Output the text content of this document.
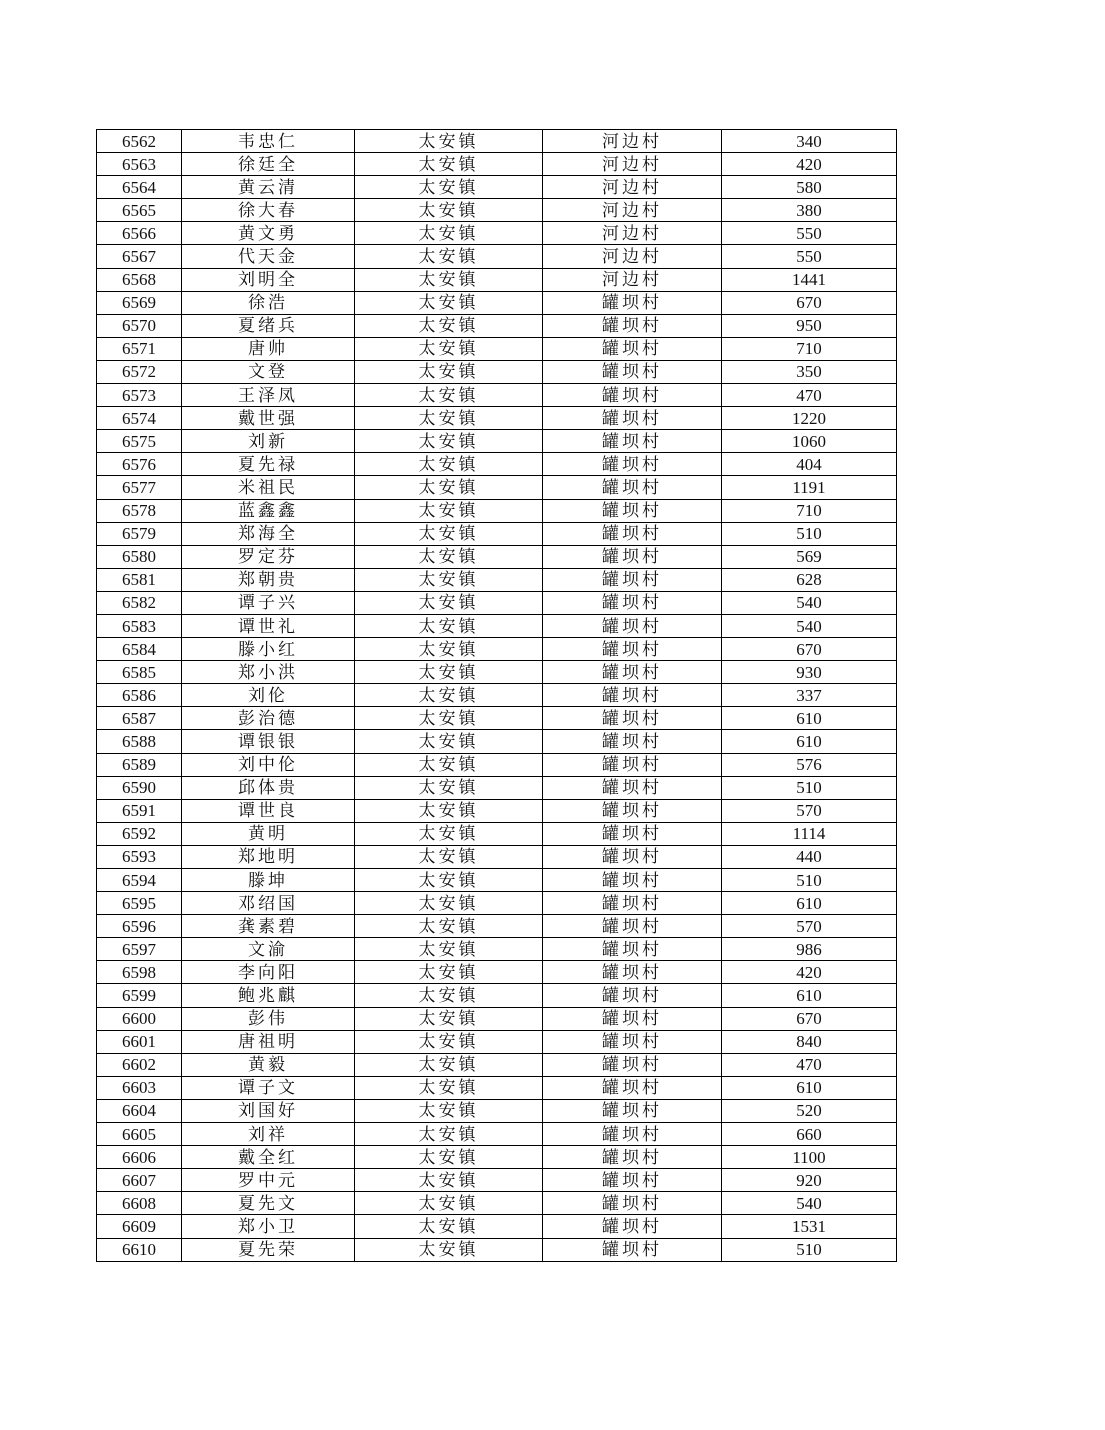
6562	韦忠仁	太安镇	河边村	340
6563	徐廷全	太安镇	河边村	420
6564	黄云清	太安镇	河边村	580
6565	徐大春	太安镇	河边村	380
6566	黄文勇	太安镇	河边村	550
6567	代天金	太安镇	河边村	550
6568	刘明全	太安镇	河边村	1441
6569	徐浩	太安镇	罐坝村	670
6570	夏绪兵	太安镇	罐坝村	950
6571	唐帅	太安镇	罐坝村	710
6572	文登	太安镇	罐坝村	350
6573	王泽凤	太安镇	罐坝村	470
6574	戴世强	太安镇	罐坝村	1220
6575	刘新	太安镇	罐坝村	1060
6576	夏先禄	太安镇	罐坝村	404
6577	米祖民	太安镇	罐坝村	1191
6578	蓝鑫鑫	太安镇	罐坝村	710
6579	郑海全	太安镇	罐坝村	510
6580	罗定芬	太安镇	罐坝村	569
6581	郑朝贵	太安镇	罐坝村	628
6582	谭子兴	太安镇	罐坝村	540
6583	谭世礼	太安镇	罐坝村	540
6584	滕小红	太安镇	罐坝村	670
6585	郑小洪	太安镇	罐坝村	930
6586	刘伦	太安镇	罐坝村	337
6587	彭治德	太安镇	罐坝村	610
6588	谭银银	太安镇	罐坝村	610
6589	刘中伦	太安镇	罐坝村	576
6590	邱体贵	太安镇	罐坝村	510
6591	谭世良	太安镇	罐坝村	570
6592	黄明	太安镇	罐坝村	1114
6593	郑地明	太安镇	罐坝村	440
6594	滕坤	太安镇	罐坝村	510
6595	邓绍国	太安镇	罐坝村	610
6596	龚素碧	太安镇	罐坝村	570
6597	文渝	太安镇	罐坝村	986
6598	李向阳	太安镇	罐坝村	420
6599	鲍兆麒	太安镇	罐坝村	610
6600	彭伟	太安镇	罐坝村	670
6601	唐祖明	太安镇	罐坝村	840
6602	黄毅	太安镇	罐坝村	470
6603	谭子文	太安镇	罐坝村	610
6604	刘国好	太安镇	罐坝村	520
6605	刘祥	太安镇	罐坝村	660
6606	戴全红	太安镇	罐坝村	1100
6607	罗中元	太安镇	罐坝村	920
6608	夏先文	太安镇	罐坝村	540
6609	郑小卫	太安镇	罐坝村	1531
6610	夏先荣	太安镇	罐坝村	510
